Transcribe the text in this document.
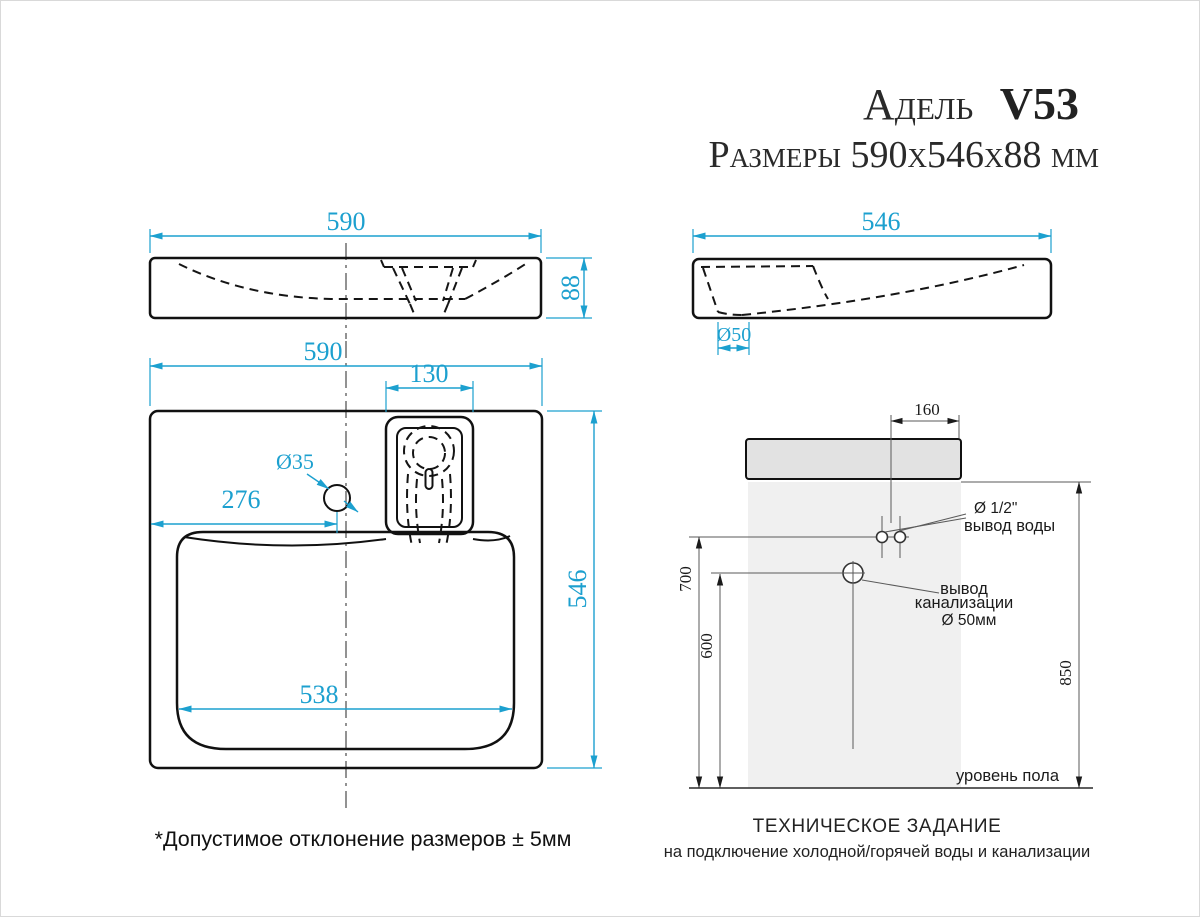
Адель V53
Размеры 590х546х88 мм
590
88
546
Ø50
590
130
Ø35
276
538
546
160
Ø 1/2"
вывод воды
вывод
канализации
Ø 50мм
700
600
850
уровень пола
ТЕХНИЧЕСКОЕ ЗАДАНИЕ
на подключение холодной/горячей воды и канализации
*Допустимое отклонение размеров ± 5мм
